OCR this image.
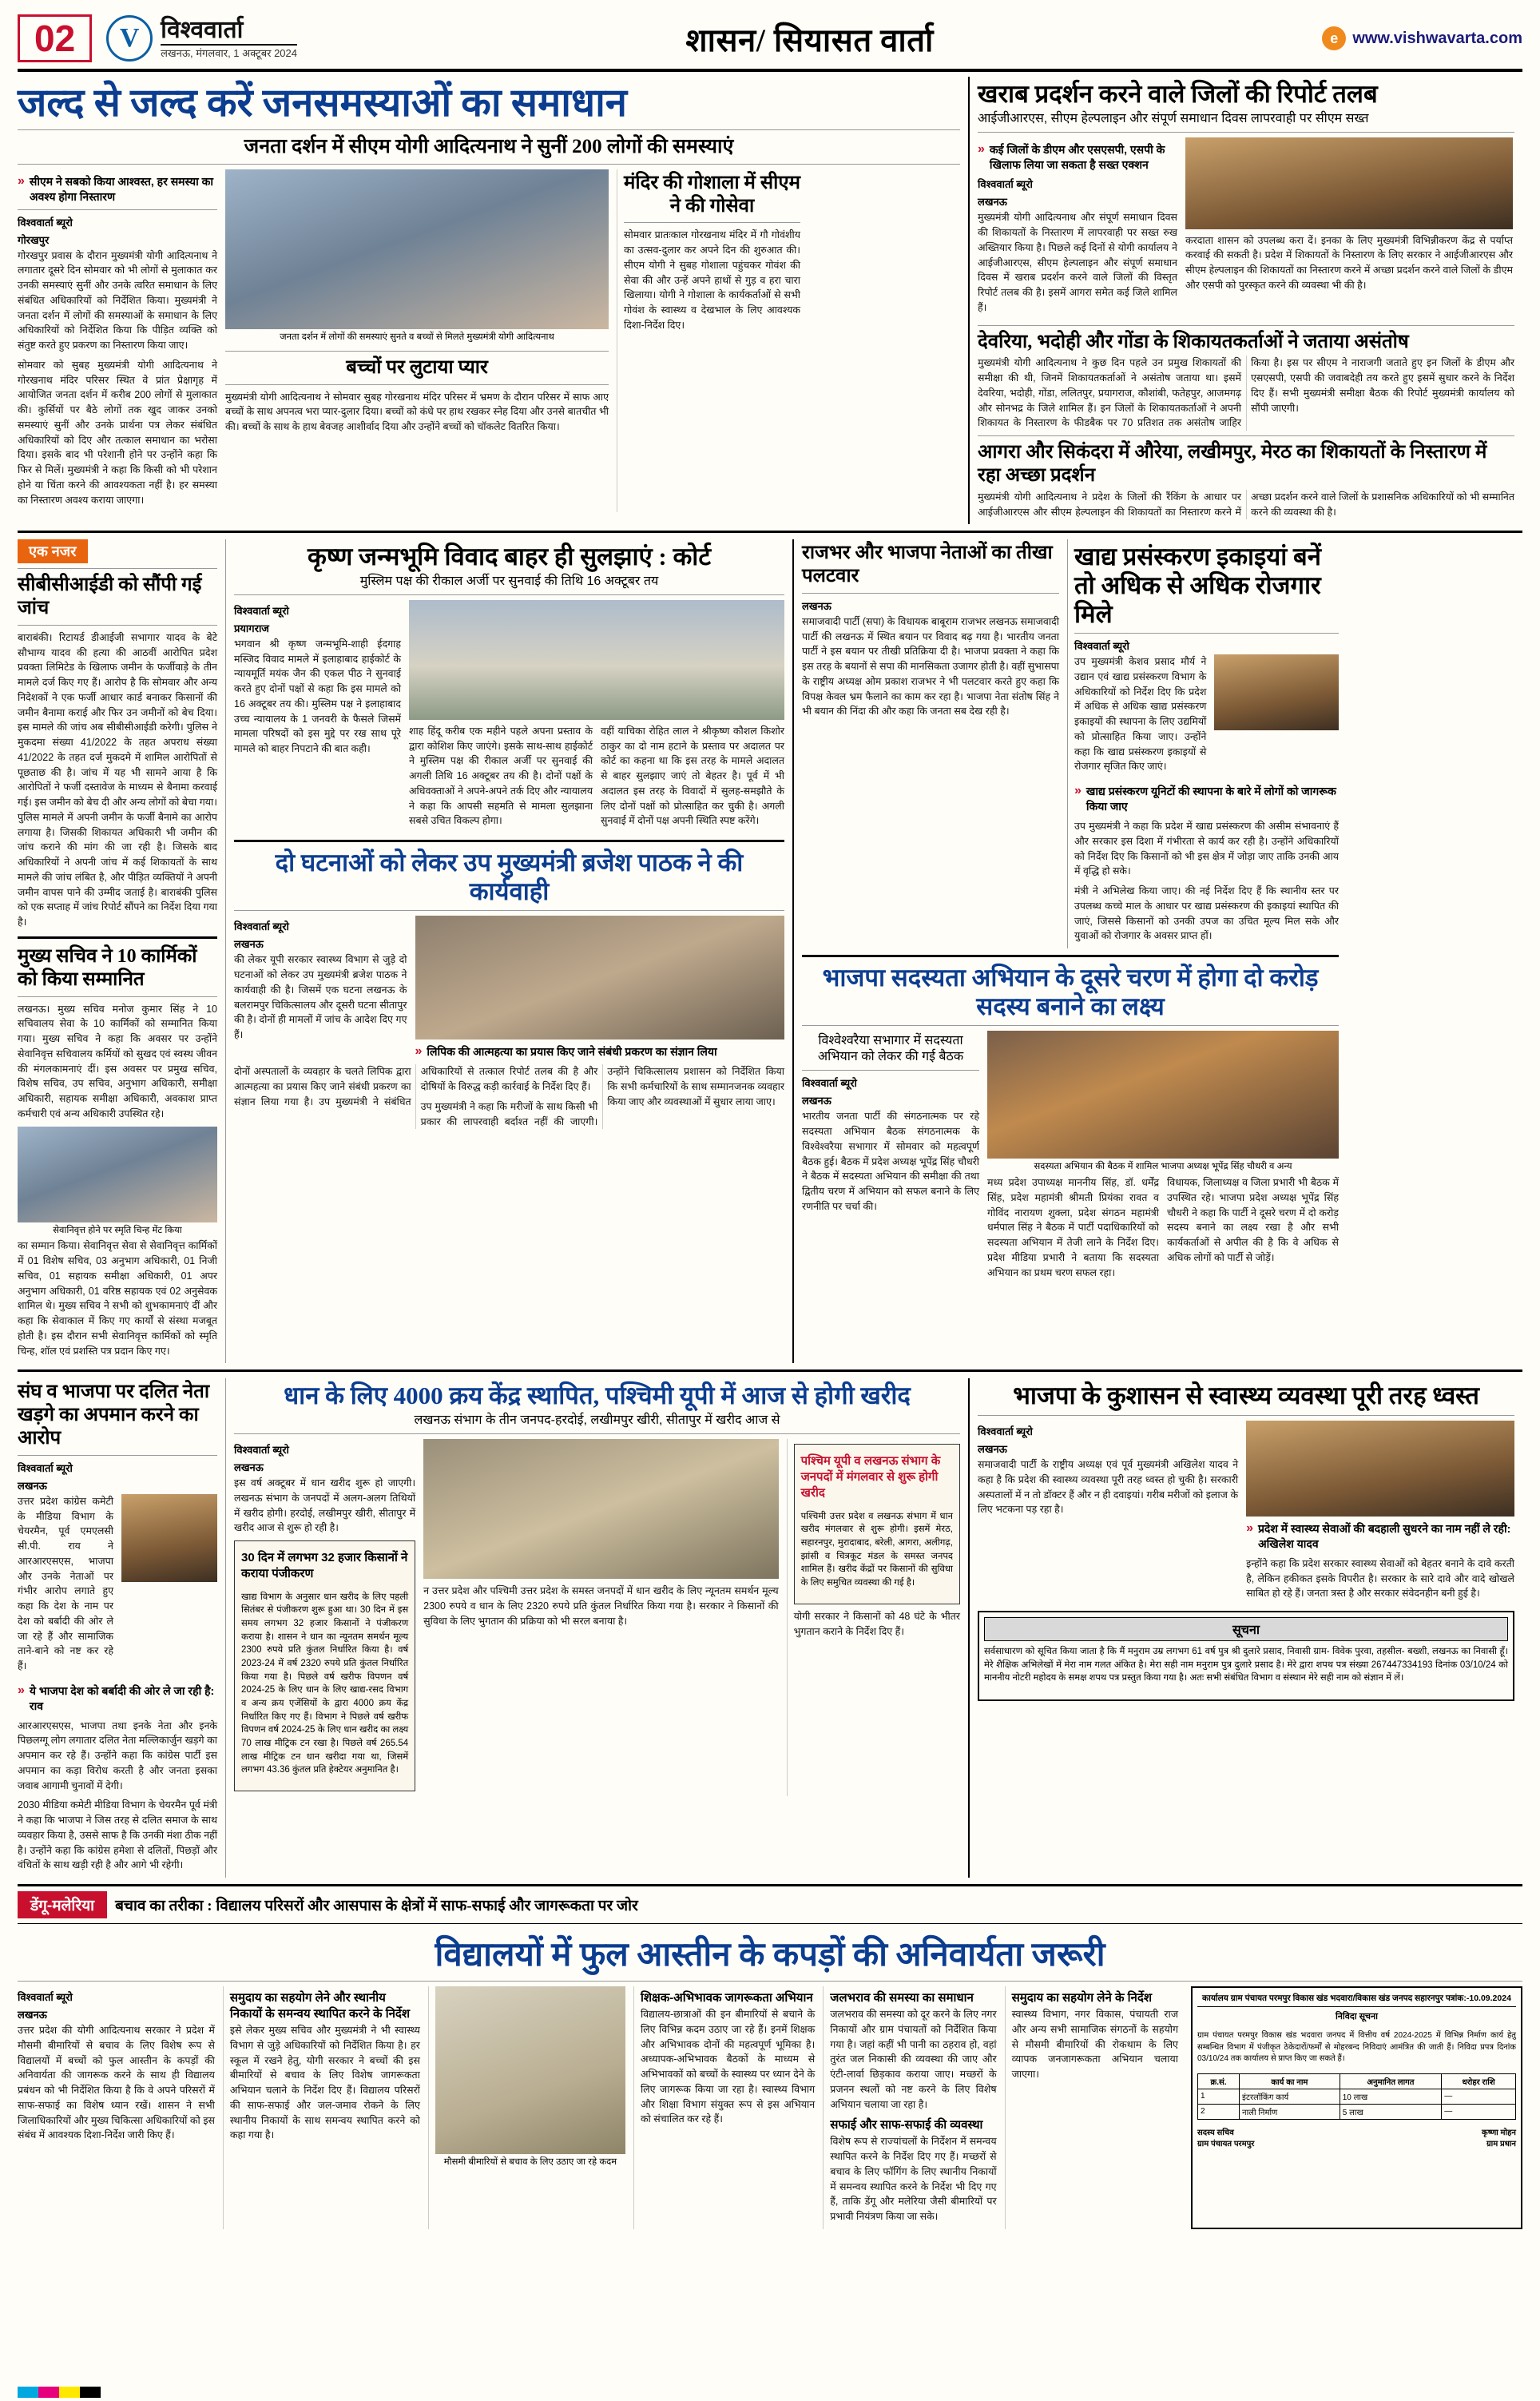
02	V विश्ववार्ता
लखनऊ, मंगलवार, 1 अक्टूबर 2024	शासन/ सियासत वार्ता	e www.vishwavarta.com
जल्द से जल्द करें जनसमस्याओं का समाधान
जनता दर्शन में सीएम योगी आदित्यनाथ ने सुनीं 200 लोगों की समस्याएं
» सीएम ने सबको किया आश्वस्त, हर समस्या का अवश्य होगा निस्तारण
विश्ववार्ता ब्यूरो
गोरखपुर

गोरखपुर प्रवास के दौरान मुख्यमंत्री योगी आदित्यनाथ ने लगातार दूसरे दिन सोमवार को भी लोगों से मुलाकात कर उनकी समस्याएं सुनीं और उनके त्वरित समाधान के लिए संबंधित अधिकारियों को निर्देशित किया। मुख्यमंत्री ने जनता दर्शन में लोगों की समस्याओं के समाधान के लिए अधिकारियों को निर्देशित किया कि पीड़ित व्यक्ति को संतुष्ट करते हुए प्रकरण का निस्तारण किया जाए।

सोमवार को सुबह मुख्यमंत्री योगी आदित्यनाथ ने गोरखनाथ मंदिर परिसर स्थित वे प्रांत प्रेक्षागृह में आयोजित जनता दर्शन में करीब 200 लोगों से मुलाकात की। कुर्सियों पर बैठे लोगों तक खुद जाकर उनको समस्याएं सुनीं और उनके प्रार्थना पत्र लेकर संबंधित अधिकारियों को दिए और तत्काल समाधान का भरोसा दिया। इसके बाद भी परेशानी होने पर उन्होंने कहा कि फिर से मिलें। मुख्यमंत्री ने कहा कि किसी को भी परेशान होने या चिंता करने की आवश्यकता नहीं है। हर समस्या का निस्तारण अवश्य कराया जाएगा।

जनता दर्शन में लोगों की समस्याएं सुनते व बच्चों से मिलते मुख्यमंत्री योगी आदित्यनाथ
बच्चों पर लुटाया प्यार

मुख्यमंत्री योगी आदित्यनाथ ने सोमवार सुबह गोरखनाथ मंदिर परिसर में भ्रमण के दौरान परिसर में साफ आए बच्चों के साथ अपनत्व भरा प्यार-दुलार दिया। बच्चों को कंधे पर हाथ रखकर स्नेह दिया और उनसे बातचीत भी की। बच्चों के साथ के हाथ बेवजह आशीर्वाद दिया और उन्होंने बच्चों को चॉकलेट वितरित किया।

मंदिर की गोशाला में सीएम ने की गोसेवा

सोमवार प्रातःकाल गोरखनाथ मंदिर में गौ गोवंशीय का उत्सव-दुलार कर अपने दिन की शुरुआत की। सीएम योगी ने सुबह गोशाला पहुंचकर गोवंश की सेवा की और उन्हें अपने हाथों से गुड़ व हरा चारा खिलाया। योगी ने गोशाला के कार्यकर्ताओं से सभी गोवंश के स्वास्थ्य व देखभाल के लिए आवश्यक दिशा-निर्देश दिए।

खराब प्रदर्शन करने वाले जिलों की रिपोर्ट तलब
आईजीआरएस, सीएम हेल्पलाइन और संपूर्ण समाधान दिवस लापरवाही पर सीएम सख्त
» कई जिलों के डीएम और एसएसपी, एसपी के खिलाफ लिया जा सकता है सख्त एक्शन
विश्ववार्ता ब्यूरो
लखनऊ

मुख्यमंत्री योगी आदित्यनाथ और संपूर्ण समाधान दिवस की शिकायतों के निस्तारण में लापरवाही पर सख्त रुख अख्तियार किया है। पिछले कई दिनों से योगी कार्यालय ने आईजीआरएस, सीएम हेल्पलाइन और संपूर्ण समाधान दिवस में खराब प्रदर्शन करने वाले जिलों की विस्तृत रिपोर्ट तलब की है। इसमें आगरा समेत कई जिले शामिल हैं।

करदाता शासन को उपलब्ध करा दें। इनका के लिए मुख्यमंत्री विभिन्नीकरण केंद्र से पर्याप्त करवाई की सकती है। प्रदेश में शिकायतों के निस्तारण के लिए सरकार ने आईजीआरएस और सीएम हेल्पलाइन की शिकायतों का निस्तारण करने में अच्छा प्रदर्शन करने वाले जिलों के डीएम और एसपी को पुरस्कृत करने की व्यवस्था भी की है।

देवरिया, भदोही और गोंडा के शिकायतकर्ताओं ने जताया असंतोष

मुख्यमंत्री योगी आदित्यनाथ ने कुछ दिन पहले उन प्रमुख शिकायतों की समीक्षा की थी, जिनमें शिकायतकर्ताओं ने असंतोष जताया था। इसमें देवरिया, भदोही, गोंडा, ललितपुर, प्रयागराज, कौशांबी, फतेहपुर, आजमगढ़ और सोनभद्र के जिले शामिल हैं। इन जिलों के शिकायतकर्ताओं ने अपनी शिकायत के निस्तारण के फीडबैक पर 70 प्रतिशत तक असंतोष जाहिर किया है। इस पर सीएम ने नाराजगी जताते हुए इन जिलों के डीएम और एसएसपी, एसपी की जवाबदेही तय करते हुए इसमें सुधार करने के निर्देश दिए हैं। सभी मुख्यमंत्री समीक्षा बैठक की रिपोर्ट मुख्यमंत्री कार्यालय को सौंपी जाएगी।

आगरा और सिकंदरा में औरेया, लखीमपुर, मेरठ का शिकायतों के निस्तारण में रहा अच्छा प्रदर्शन

मुख्यमंत्री योगी आदित्यनाथ ने प्रदेश के जिलों की रैंकिंग के आधार पर आईजीआरएस और सीएम हेल्पलाइन की शिकायतों का निस्तारण करने में अच्छा प्रदर्शन करने वाले जिलों के प्रशासनिक अधिकारियों को भी सम्मानित करने की व्यवस्था की है।

एक नजर
सीबीसीआईडी को सौंपी गई जांच

बाराबंकी। रिटायर्ड डीआईजी सभागार यादव के बेटे सौभाग्य यादव की हत्या की आठवीं आरोपित प्रदेश प्रवक्ता लिमिटेड के खिलाफ जमीन के फर्जीवाड़े के तीन मामले दर्ज किए गए हैं। आरोप है कि सोमवार और अन्य निदेशकों ने एक फर्जी आधार कार्ड बनाकर किसानों की जमीन बैनामा कराई और फिर उन जमीनों को बेच दिया। इस मामले की जांच अब सीबीसीआईडी करेगी। पुलिस ने मुकदमा संख्या 41/2022 के तहत अपराध संख्या 41/2022 के तहत दर्ज मुकदमे में शामिल आरोपितों से पूछताछ की है। जांच में यह भी सामने आया है कि आरोपितों ने फर्जी दस्तावेज के माध्यम से बैनामा करवाई गई। इस जमीन को बेच दी और अन्य लोगों को बेचा गया। पुलिस मामले में अपनी जमीन के फर्जी बैनामे का आरोप लगाया है। जिसकी शिकायत अधिकारी भी जमीन की जांच कराने की मांग की जा रही है। जिसके बाद अधिकारियों ने अपनी जांच में कई शिकायतों के साथ मामले की जांच लंबित है, और पीड़ित व्यक्तियों ने अपनी जमीन वापस पाने की उम्मीद जताई है। बाराबंकी पुलिस को एक सप्ताह में जांच रिपोर्ट सौंपने का निर्देश दिया गया है।

मुख्य सचिव ने 10 कार्मिकों को किया सम्मानित

लखनऊ। मुख्य सचिव मनोज कुमार सिंह ने 10 सचिवालय सेवा के 10 कार्मिकों को सम्मानित किया गया। मुख्य सचिव ने कहा कि अवसर पर उन्होंने सेवानिवृत्त सचिवालय कर्मियों को सुखद एवं स्वस्थ जीवन की मंगलकामनाएं दीं। इस अवसर पर प्रमुख सचिव, विशेष सचिव, उप सचिव, अनुभाग अधिकारी, समीक्षा अधिकारी, सहायक समीक्षा अधिकारी, अवकाश प्राप्त कर्मचारी एवं अन्य अधिकारी उपस्थित रहे।

सेवानिवृत्त होने पर स्मृति चिन्ह मेंट किया

का सम्मान किया। सेवानिवृत्त सेवा से सेवानिवृत्त कार्मिकों में 01 विशेष सचिव, 03 अनुभाग अधिकारी, 01 निजी सचिव, 01 सहायक समीक्षा अधिकारी, 01 अपर अनुभाग अधिकारी, 01 वरिष्ठ सहायक एवं 02 अनुसेवक शामिल थे। मुख्य सचिव ने सभी को शुभकामनाएं दीं और कहा कि सेवाकाल में किए गए कार्यों से संस्था मजबूत होती है। इस दौरान सभी सेवानिवृत्त कार्मिकों को स्मृति चिन्ह, शॉल एवं प्रशस्ति पत्र प्रदान किए गए।

कृष्ण जन्मभूमि विवाद बाहर ही सुलझाएं : कोर्ट
मुस्लिम पक्ष की रीकाल अर्जी पर सुनवाई की तिथि 16 अक्टूबर तय
विश्ववार्ता ब्यूरो
प्रयागराज

भगवान श्री कृष्ण जन्मभूमि-शाही ईदगाह मस्जिद विवाद मामले में इलाहाबाद हाईकोर्ट के न्यायमूर्ति मयंक जैन की एकल पीठ ने सुनवाई करते हुए दोनों पक्षों से कहा कि इस मामले को 16 अक्टूबर तय की। मुस्लिम पक्ष ने इलाहाबाद उच्च न्यायालय के 1 जनवरी के फैसले जिसमें मामला परिषदों को इस मुद्दे पर रख साथ पूरे मामले को बाहर निपटाने की बात कही।

शाह हिंदू करीब एक महीने पहले अपना प्रस्ताव के द्वारा कोशिश किए जाएंगे। इसके साथ-साथ हाईकोर्ट ने मुस्लिम पक्ष की रीकाल अर्जी पर सुनवाई की अगली तिथि 16 अक्टूबर तय की है। दोनों पक्षों के अधिवक्ताओं ने अपने-अपने तर्क दिए और न्यायालय ने कहा कि आपसी सहमति से मामला सुलझाना सबसे उचित विकल्प होगा।

वहीं याचिका रोहित लाल ने श्रीकृष्ण कौशल किशोर ठाकुर का दो नाम हटाने के प्रस्ताव पर अदालत पर कोर्ट का कहना था कि इस तरह के मामले अदालत से बाहर सुलझाए जाएं तो बेहतर है। पूर्व में भी अदालत इस तरह के विवादों में सुलह-समझौते के लिए दोनों पक्षों को प्रोत्साहित कर चुकी है। अगली सुनवाई में दोनों पक्ष अपनी स्थिति स्पष्ट करेंगे।

दो घटनाओं को लेकर उप मुख्यमंत्री ब्रजेश पाठक ने की कार्यवाही
विश्ववार्ता ब्यूरो
लखनऊ

की लेकर यूपी सरकार स्वास्थ्य विभाग से जुड़े दो घटनाओं को लेकर उप मुख्यमंत्री ब्रजेश पाठक ने कार्यवाही की है। जिसमें एक घटना लखनऊ के बलरामपुर चिकित्सालय और दूसरी घटना सीतापुर की है। दोनों ही मामलों में जांच के आदेश दिए गए हैं।

» लिपिक की आत्महत्या का प्रयास किए जाने संबंधी प्रकरण का संज्ञान लिया

दोनों अस्पतालों के व्यवहार के चलते लिपिक द्वारा आत्महत्या का प्रयास किए जाने संबंधी प्रकरण का संज्ञान लिया गया है। उप मुख्यमंत्री ने संबंधित अधिकारियों से तत्काल रिपोर्ट तलब की है और दोषियों के विरुद्ध कड़ी कार्रवाई के निर्देश दिए हैं।

उप मुख्यमंत्री ने कहा कि मरीजों के साथ किसी भी प्रकार की लापरवाही बर्दाश्त नहीं की जाएगी। उन्होंने चिकित्सालय प्रशासन को निर्देशित किया कि सभी कर्मचारियों के साथ सम्मानजनक व्यवहार किया जाए और व्यवस्थाओं में सुधार लाया जाए।

राजभर और भाजपा नेताओं का तीखा पलटवार
लखनऊ

समाजवादी पार्टी (सपा) के विधायक बाबूराम राजभर लखनऊ समाजवादी पार्टी की लखनऊ में स्थित बयान पर विवाद बढ़ गया है। भारतीय जनता पार्टी ने इस बयान पर तीखी प्रतिक्रिया दी है। भाजपा प्रवक्ता ने कहा कि इस तरह के बयानों से सपा की मानसिकता उजागर होती है। वहीं सुभासपा के राष्ट्रीय अध्यक्ष ओम प्रकाश राजभर ने भी पलटवार करते हुए कहा कि विपक्ष केवल भ्रम फैलाने का काम कर रहा है। भाजपा नेता संतोष सिंह ने भी बयान की निंदा की और कहा कि जनता सब देख रही है।

खाद्य प्रसंस्करण इकाइयां बनें तो अधिक से अधिक रोजगार मिले
विश्ववार्ता ब्यूरो

उप मुख्यमंत्री केशव प्रसाद मौर्य ने उद्यान एवं खाद्य प्रसंस्करण विभाग के अधिकारियों को निर्देश दिए कि प्रदेश में अधिक से अधिक खाद्य प्रसंस्करण इकाइयों की स्थापना के लिए उद्यमियों को प्रोत्साहित किया जाए। उन्होंने कहा कि खाद्य प्रसंस्करण इकाइयों से रोजगार सृजित किए जाएं।

» खाद्य प्रसंस्करण यूनिटों की स्थापना के बारे में लोगों को जागरूक किया जाए

उप मुख्यमंत्री ने कहा कि प्रदेश में खाद्य प्रसंस्करण की असीम संभावनाएं हैं और सरकार इस दिशा में गंभीरता से कार्य कर रही है। उन्होंने अधिकारियों को निर्देश दिए कि किसानों को भी इस क्षेत्र में जोड़ा जाए ताकि उनकी आय में वृद्धि हो सके।

मंत्री ने अभिलेख किया जाए। की नई निर्देश दिए हैं कि स्थानीय स्तर पर उपलब्ध कच्चे माल के आधार पर खाद्य प्रसंस्करण की इकाइयां स्थापित की जाएं, जिससे किसानों को उनकी उपज का उचित मूल्य मिल सके और युवाओं को रोजगार के अवसर प्राप्त हों।

भाजपा सदस्यता अभियान के दूसरे चरण में होगा दो करोड़ सदस्य बनाने का लक्ष्य
विश्वेश्वरैया सभागार में सदस्यता अभियान को लेकर की गई बैठक
विश्ववार्ता ब्यूरो
लखनऊ

भारतीय जनता पार्टी की संगठनात्मक पर रहे सदस्यता अभियान बैठक संगठनात्मक के विश्वेश्वरैया सभागार में सोमवार को महत्वपूर्ण बैठक हुई। बैठक में प्रदेश अध्यक्ष भूपेंद्र सिंह चौधरी ने बैठक में सदस्यता अभियान की समीक्षा की तथा द्वितीय चरण में अभियान को सफल बनाने के लिए रणनीति पर चर्चा की।

सदस्यता अभियान की बैठक में शामिल भाजपा अध्यक्ष भूपेंद्र सिंह चौधरी व अन्य

मध्य प्रदेश उपाध्यक्ष माननीय सिंह, डॉ. धर्मेंद्र सिंह, प्रदेश महामंत्री श्रीमती प्रियंका रावत व गोविंद नारायण शुक्ला, प्रदेश संगठन महामंत्री धर्मपाल सिंह ने बैठक में पार्टी पदाधिकारियों को सदस्यता अभियान में तेजी लाने के निर्देश दिए। प्रदेश मीडिया प्रभारी ने बताया कि सदस्यता अभियान का प्रथम चरण सफल रहा।

विधायक, जिलाध्यक्ष व जिला प्रभारी भी बैठक में उपस्थित रहे। भाजपा प्रदेश अध्यक्ष भूपेंद्र सिंह चौधरी ने कहा कि पार्टी ने दूसरे चरण में दो करोड़ सदस्य बनाने का लक्ष्य रखा है और सभी कार्यकर्ताओं से अपील की है कि वे अधिक से अधिक लोगों को पार्टी से जोड़ें।

संघ व भाजपा पर दलित नेता खड़गे का अपमान करने का आरोप
विश्ववार्ता ब्यूरो
लखनऊ

उत्तर प्रदेश कांग्रेस कमेटी के मीडिया विभाग के चेयरमैन, पूर्व एमएलसी सी.पी. राय ने आरआरएसएस, भाजपा और उनके नेताओं पर गंभीर आरोप लगाते हुए कहा कि देश के नाम पर देश को बर्बादी की ओर ले जा रहे हैं और सामाजिक ताने-बाने को नष्ट कर रहे हैं।

» ये भाजपा देश को बर्बादी की ओर ले जा रही है: राव

आरआरएसएस, भाजपा तथा इनके नेता और इनके पिछलग्गू लोग लगातार दलित नेता मल्लिकार्जुन खड़गे का अपमान कर रहे हैं। उन्होंने कहा कि कांग्रेस पार्टी इस अपमान का कड़ा विरोध करती है और जनता इसका जवाब आगामी चुनावों में देगी।

2030 मीडिया कमेटी मीडिया विभाग के चेयरमैन पूर्व मंत्री ने कहा कि भाजपा ने जिस तरह से दलित समाज के साथ व्यवहार किया है, उससे साफ है कि उनकी मंशा ठीक नहीं है। उन्होंने कहा कि कांग्रेस हमेशा से दलितों, पिछड़ों और वंचितों के साथ खड़ी रही है और आगे भी रहेगी।

धान के लिए 4000 क्रय केंद्र स्थापित, पश्चिमी यूपी में आज से होगी खरीद
लखनऊ संभाग के तीन जनपद-हरदोई, लखीमपुर खीरी, सीतापुर में खरीद आज से
विश्ववार्ता ब्यूरो
लखनऊ

इस वर्ष अक्टूबर में धान खरीद शुरू हो जाएगी। लखनऊ संभाग के जनपदों में अलग-अलग तिथियों में खरीद होगी। हरदोई, लखीमपुर खीरी, सीतापुर में खरीद आज से शुरू हो रही है।

30 दिन में लगभग 32 हजार किसानों ने कराया पंजीकरण

खाद्य विभाग के अनुसार धान खरीद के लिए पहली सितंबर से पंजीकरण शुरू हुआ था। 30 दिन में इस समय लगभग 32 हजार किसानों ने पंजीकरण कराया है। शासन ने धान का न्यूनतम समर्थन मूल्य 2300 रुपये प्रति कुंतल निर्धारित किया है। वर्ष 2023-24 में वर्ष 2320 रुपये प्रति कुंतल निर्धारित किया गया है। पिछले वर्ष खरीफ विपणन वर्ष 2024-25 के लिए धान के लिए खाद्य-रसद विभाग व अन्य क्रय एजेंसियों के द्वारा 4000 क्रय केंद्र निर्धारित किए गए हैं। विभाग ने पिछले वर्ष खरीफ विपणन वर्ष 2024-25 के लिए धान खरीद का लक्ष्य 70 लाख मीट्रिक टन रखा है। पिछले वर्ष 265.54 लाख मीट्रिक टन धान खरीदा गया था, जिसमें लगभग 43.36 कुंतल प्रति हेक्टेयर अनुमानित है।

न उत्तर प्रदेश और पश्चिमी उत्तर प्रदेश के समस्त जनपदों में धान खरीद के लिए न्यूनतम समर्थन मूल्य 2300 रुपये व धान के लिए 2320 रुपये प्रति कुंतल निर्धारित किया गया है। सरकार ने किसानों की सुविधा के लिए भुगतान की प्रक्रिया को भी सरल बनाया है।

पश्चिम यूपी व लखनऊ संभाग के जनपदों में मंगलवार से शुरू होगी खरीद

पश्चिमी उत्तर प्रदेश व लखनऊ संभाग में धान खरीद मंगलवार से शुरू होगी। इसमें मेरठ, सहारनपुर, मुरादाबाद, बरेली, आगरा, अलीगढ़, झांसी व चित्रकूट मंडल के समस्त जनपद शामिल हैं। खरीद केंद्रों पर किसानों की सुविधा के लिए समुचित व्यवस्था की गई है।

योगी सरकार ने किसानों को 48 घंटे के भीतर भुगतान कराने के निर्देश दिए हैं।

भाजपा के कुशासन से स्वास्थ्य व्यवस्था पूरी तरह ध्वस्त
विश्ववार्ता ब्यूरो
लखनऊ

समाजवादी पार्टी के राष्ट्रीय अध्यक्ष एवं पूर्व मुख्यमंत्री अखिलेश यादव ने कहा है कि प्रदेश की स्वास्थ्य व्यवस्था पूरी तरह ध्वस्त हो चुकी है। सरकारी अस्पतालों में न तो डॉक्टर हैं और न ही दवाइयां। गरीब मरीजों को इलाज के लिए भटकना पड़ रहा है।

» प्रदेश में स्वास्थ्य सेवाओं की बदहाली सुधरने का नाम नहीं ले रही: अखिलेश यादव

इन्होंने कहा कि प्रदेश सरकार स्वास्थ्य सेवाओं को बेहतर बनाने के दावे करती है, लेकिन हकीकत इसके विपरीत है। सरकार के सारे दावे और वादे खोखले साबित हो रहे हैं। जनता त्रस्त है और सरकार संवेदनहीन बनी हुई है।

सूचना

सर्वसाधारण को सूचित किया जाता है कि मैं मनुराम उम्र लगभग 61 वर्ष पुत्र श्री दुलारे प्रसाद, निवासी ग्राम- विवेक पुरवा, तहसील- बख्शी, लखनऊ का निवासी हूँ। मेरे शैक्षिक अभिलेखों में मेरा नाम गलत अंकित है। मेरा सही नाम मनुराम पुत्र दुलारे प्रसाद है। मेरे द्वारा शपथ पत्र संख्या 267447334193 दिनांक 03/10/24 को माननीय नोटरी महोदय के समक्ष शपथ पत्र प्रस्तुत किया गया है। अतः सभी संबंधित विभाग व संस्थान मेरे सही नाम को संज्ञान में लें।

डेंगू-मलेरिया	बचाव का तरीका : विद्यालय परिसरों और आसपास के क्षेत्रों में साफ-सफाई और जागरूकता पर जोर
विद्यालयों में फुल आस्तीन के कपड़ों की अनिवार्यता जरूरी
विश्ववार्ता ब्यूरो
लखनऊ

उत्तर प्रदेश की योगी आदित्यनाथ सरकार ने प्रदेश में मौसमी बीमारियों से बचाव के लिए विशेष रूप से विद्यालयों में बच्चों को फुल आस्तीन के कपड़ों की अनिवार्यता की जागरूक करने के साथ ही विद्यालय प्रबंधन को भी निर्देशित किया है कि वे अपने परिसरों में साफ-सफाई का विशेष ध्यान रखें। शासन ने सभी जिलाधिकारियों और मुख्य चिकित्सा अधिकारियों को इस संबंध में आवश्यक दिशा-निर्देश जारी किए हैं।

समुदाय का सहयोग लेने और स्थानीय निकायों के समन्वय स्थापित करने के निर्देश

इसे लेकर मुख्य सचिव और मुख्यमंत्री ने भी स्वास्थ्य विभाग से जुड़े अधिकारियों को निर्देशित किया है। हर स्कूल में रखने हेतु, योगी सरकार ने बच्चों की इस बीमारियों से बचाव के लिए विशेष जागरूकता अभियान चलाने के निर्देश दिए हैं। विद्यालय परिसरों की साफ-सफाई और जल-जमाव रोकने के लिए स्थानीय निकायों के साथ समन्वय स्थापित करने को कहा गया है।

मौसमी बीमारियों से बचाव के लिए उठाए जा रहे कदम
शिक्षक-अभिभावक जागरूकता अभियान

विद्यालय-छात्राओं की इन बीमारियों से बचाने के लिए विभिन्न कदम उठाए जा रहे हैं। इनमें शिक्षक और अभिभावक दोनों की महत्वपूर्ण भूमिका है। अध्यापक-अभिभावक बैठकों के माध्यम से अभिभावकों को बच्चों के स्वास्थ्य पर ध्यान देने के लिए जागरूक किया जा रहा है। स्वास्थ्य विभाग और शिक्षा विभाग संयुक्त रूप से इस अभियान को संचालित कर रहे हैं।

जलभराव की समस्या का समाधान

जलभराव की समस्या को दूर करने के लिए नगर निकायों और ग्राम पंचायतों को निर्देशित किया गया है। जहां कहीं भी पानी का ठहराव हो, वहां तुरंत जल निकासी की व्यवस्था की जाए और एंटी-लार्वा छिड़काव कराया जाए। मच्छरों के प्रजनन स्थलों को नष्ट करने के लिए विशेष अभियान चलाया जा रहा है।

सफाई और साफ-सफाई की व्यवस्था

विशेष रूप से राज्यांचलों के निर्देशन में समन्वय स्थापित करने के निर्देश दिए गए हैं। मच्छरों से बचाव के लिए फॉगिंग के लिए स्थानीय निकायों में समन्वय स्थापित करने के निर्देश भी दिए गए हैं, ताकि डेंगू और मलेरिया जैसी बीमारियों पर प्रभावी नियंत्रण किया जा सके।

समुदाय का सहयोग लेने के निर्देश

स्वास्थ्य विभाग, नगर विकास, पंचायती राज और अन्य सभी सामाजिक संगठनों के सहयोग से मौसमी बीमारियों की रोकथाम के लिए व्यापक जनजागरूकता अभियान चलाया जाएगा।

कार्यालय ग्राम पंचायत परमपुर विकास खंड भदवारा/विकास खंड जनपद सहारनपुर पत्रांक:-10.09.2024
निविदा सूचना

ग्राम पंचायत परमपुर विकास खंड भदवारा जनपद में वित्तीय वर्ष 2024-2025 में विभिन्न निर्माण कार्य हेतु सम्बन्धित विभाग में पंजीकृत ठेकेदारों/फर्मों से मोहरबन्द निविदाएं आमंत्रित की जाती हैं। निविदा प्रपत्र दिनांक 03/10/24 तक कार्यालय से प्राप्त किए जा सकते हैं।

क्र.सं.	कार्य का नाम	अनुमानित लागत	धरोहर राशि
1	इंटरलॉकिंग कार्य	10 लाख	—
2	नाली निर्माण	5 लाख	—
सदस्य सचिव
ग्राम पंचायत परमपुर
कृष्णा मोहन
ग्राम प्रधान
